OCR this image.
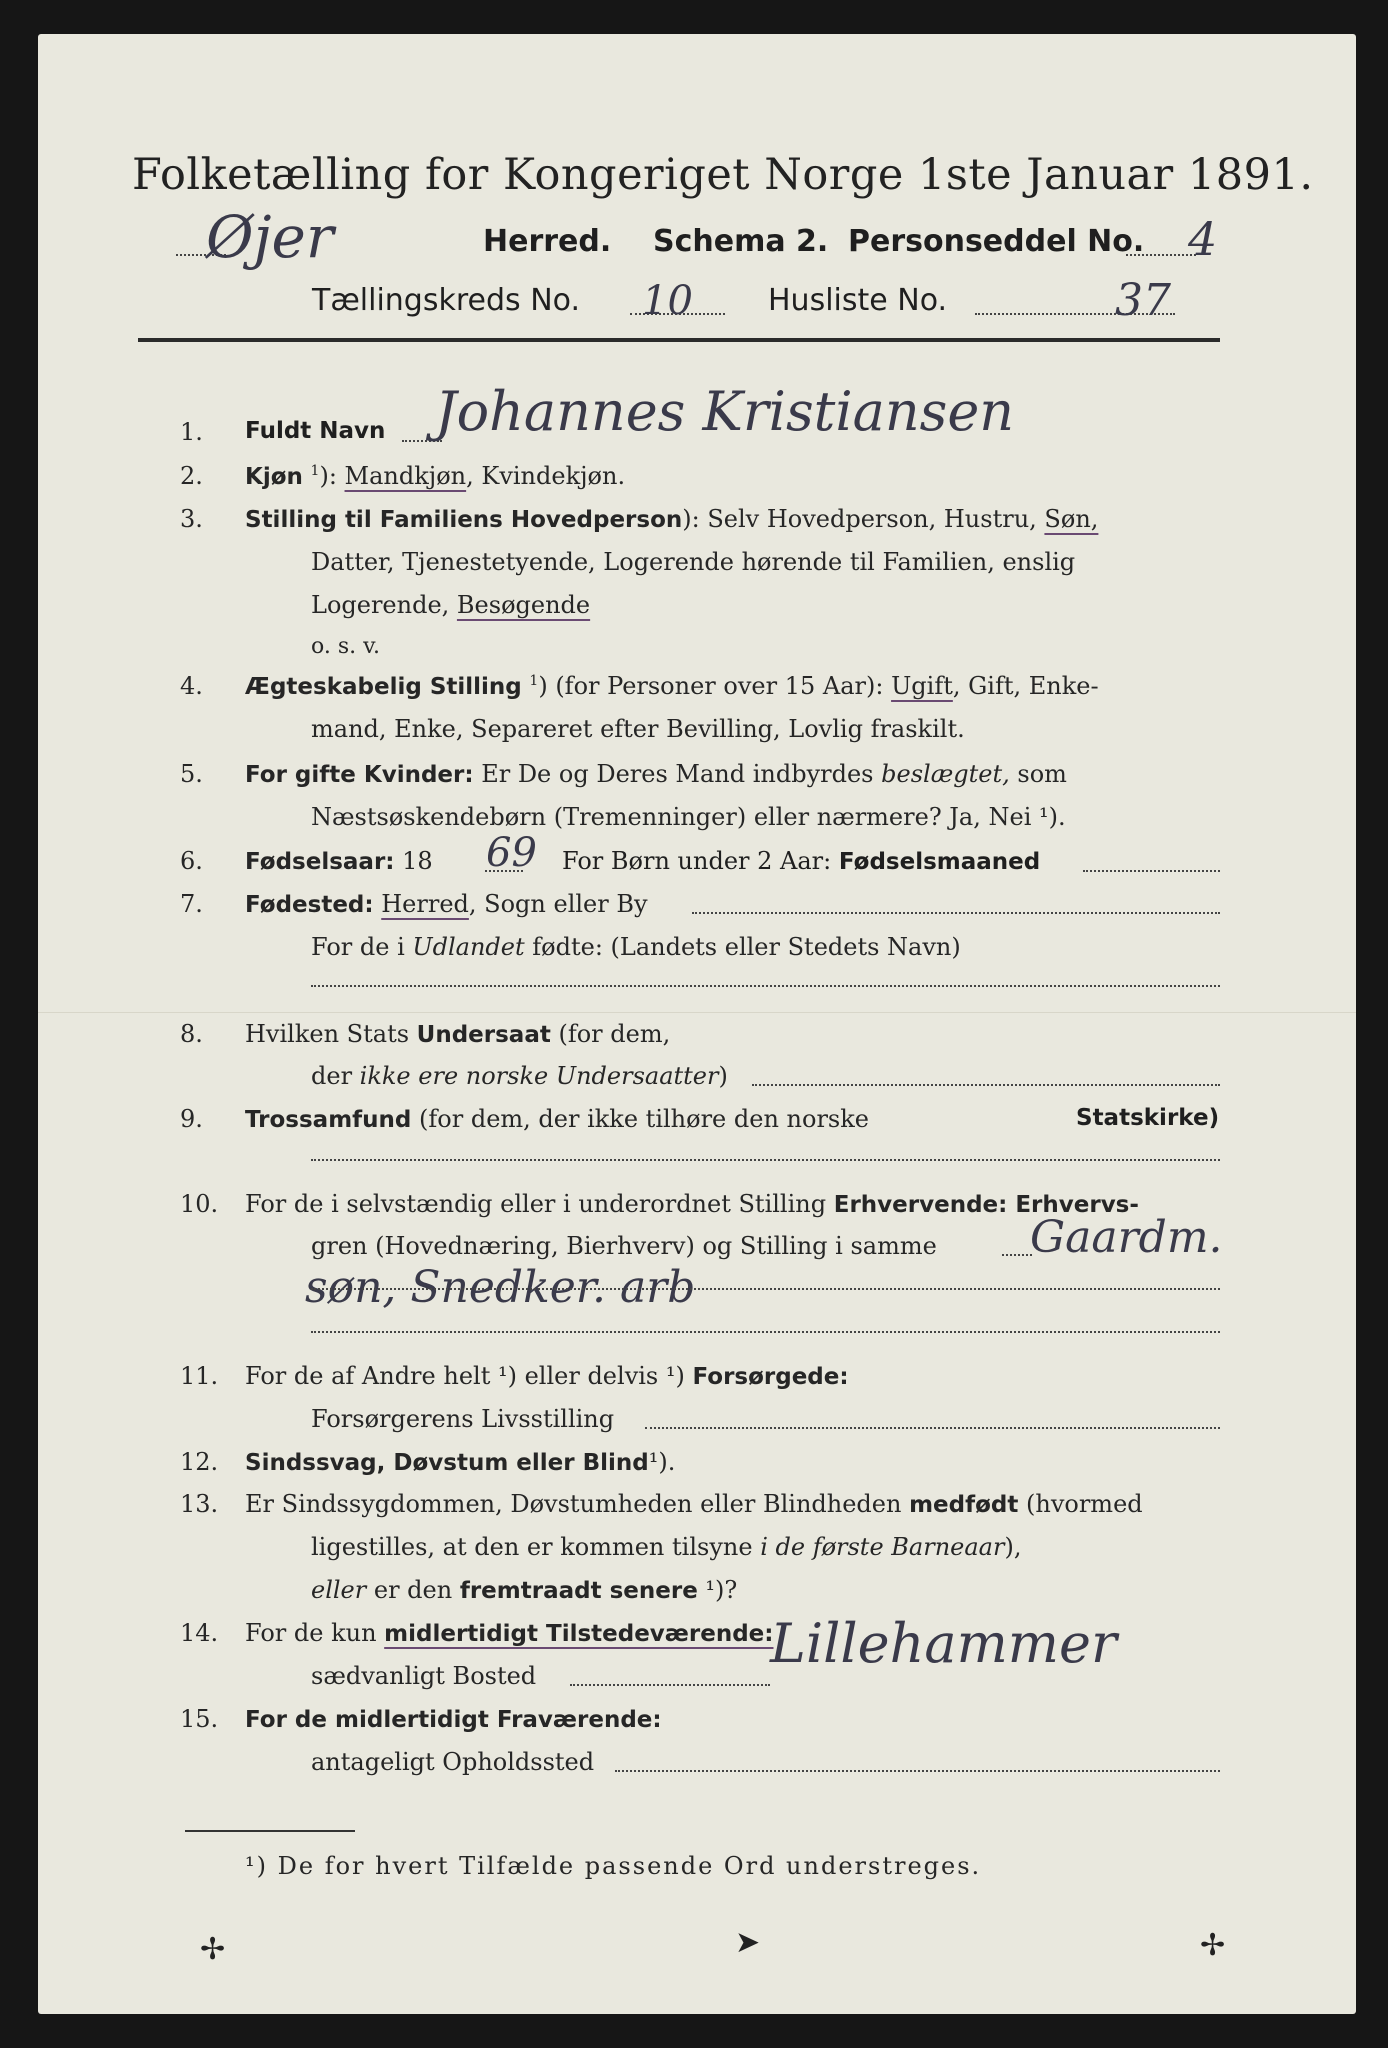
Folketælling for Kongeriget Norge 1ste Januar 1891.
Øjer	Herred. Schema 2. Personseddel No. 4
Tællingskreds No. 10	Husliste No.	37
1. Fuldt Navn Johannes Kristiansen
2. Kjøn $^1$): Mandkjøn, Kvindekjøn.
3. Stilling til Familiens Hovedperson): Selv Hovedperson, Hustru, Søn,
Datter, Tjenestetyende, Logerende hørende til Familien, enslig
Logerende, Besøgende
o. s. v.
4. Ægteskabelig Stilling $^1$) (for Personer over 15 Aar): Ugift, Gift, Enke-
mand, Enke, Separeret efter Bevilling, Lovlig fraskilt.
5. For gifte Kvinder: Er De og Deres Mand indbyrdes beslægtet, som
Næstsøskendebørn (Tremenninger) eller nærmere? Ja, Nei ¹).
6. Fødselsaar: 18 69 For Børn under 2 Aar: Fødselsmaaned
7. Fødested: Herred, Sogn eller By
For de i Udlandet fødte: (Landets eller Stedets Navn)
8. Hvilken Stats Undersaat (for dem,
der ikke ere norske Undersaatter)
9. Trossamfund (for dem, der ikke tilhøre den norske	Statskirke)
10. For de i selvstændig eller i underordnet Stilling Erhvervende: Erhvervs-
gren (Hovednæring, Bierhverv) og Stilling i samme Gaardm.
søn, Snedker. arb
11. For de af Andre helt ¹) eller delvis ¹) Forsørgede:
Forsørgerens Livsstilling
12. Sindssvag, Døvstum eller Blind¹).
13. Er Sindssygdommen, Døvstumheden eller Blindheden medfødt (hvormed
ligestilles, at den er kommen tilsyne i de første Barneaar),
eller er den fremtraadt senere ¹)?
14. For de kun midlertidigt Tilstedeværende:
sædvanligt Bosted
Lillehammer
15. For de midlertidigt Fraværende:
antageligt Opholdssted
¹) De for hvert Tilfælde passende Ord understreges.
✢	➤	✢
